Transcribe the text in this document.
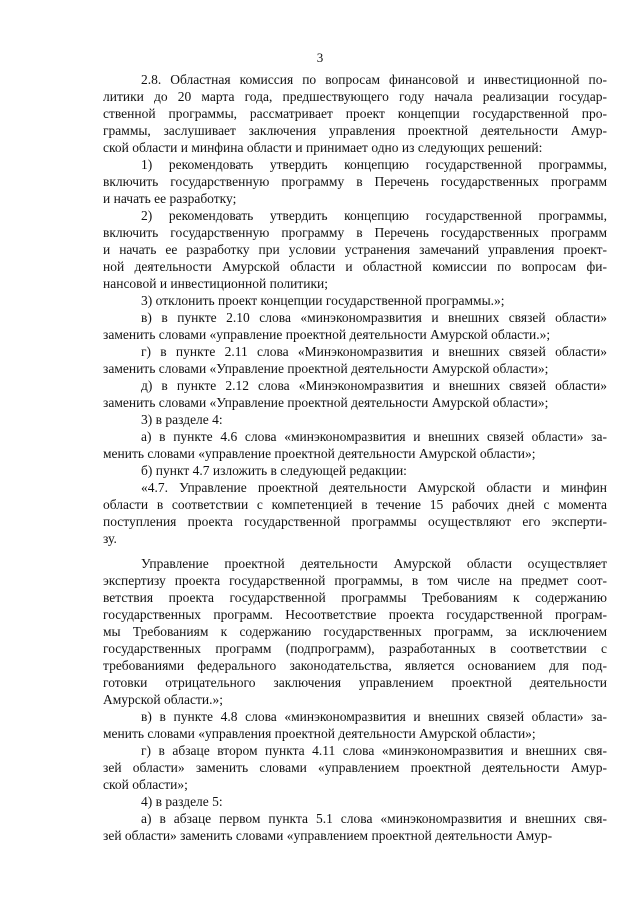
3
2.8. Областная комиссия по вопросам финансовой и инвестиционной по-
литики до 20 марта года, предшествующего году начала реализации государ-
ственной программы, рассматривает проект концепции государственной про-
граммы, заслушивает заключения управления проектной деятельности Амур-
ской области и минфина области и принимает одно из следующих решений:
1) рекомендовать утвердить концепцию государственной программы,
включить государственную программу в Перечень государственных программ
и начать ее разработку;
2) рекомендовать утвердить концепцию государственной программы,
включить государственную программу в Перечень государственных программ
и начать ее разработку при условии устранения замечаний управления проект-
ной деятельности Амурской области и областной комиссии по вопросам фи-
нансовой и инвестиционной политики;
3) отклонить проект концепции государственной программы.»;
в) в пункте 2.10 слова «минэкономразвития и внешних связей области»
заменить словами «управление проектной деятельности Амурской области.»;
г) в пункте 2.11 слова «Минэкономразвития и внешних связей области»
заменить словами «Управление проектной деятельности Амурской области»;
д) в пункте 2.12 слова «Минэкономразвития и внешних связей области»
заменить словами «Управление проектной деятельности Амурской области»;
3) в разделе 4:
а) в пункте 4.6 слова «минэкономразвития и внешних связей области» за-
менить словами «управление проектной деятельности Амурской области»;
б) пункт 4.7 изложить в следующей редакции:
«4.7. Управление проектной деятельности Амурской области и минфин
области в соответствии с компетенцией в течение 15 рабочих дней с момента
поступления проекта государственной программы осуществляют его эксперти-
зу.
Управление проектной деятельности Амурской области осуществляет
экспертизу проекта государственной программы, в том числе на предмет соот-
ветствия проекта государственной программы Требованиям к содержанию
государственных программ. Несоответствие проекта государственной програм-
мы Требованиям к содержанию государственных программ, за исключением
государственных программ (подпрограмм), разработанных в соответствии с
требованиями федерального законодательства, является основанием для под-
готовки отрицательного заключения управлением проектной деятельности
Амурской области.»;
в) в пункте 4.8 слова «минэкономразвития и внешних связей области» за-
менить словами «управления проектной деятельности Амурской области»;
г) в абзаце втором пункта 4.11 слова «минэкономразвития и внешних свя-
зей области» заменить словами «управлением проектной деятельности Амур-
ской области»;
4) в разделе 5:
а) в абзаце первом пункта 5.1 слова «минэкономразвития и внешних свя-
зей области» заменить словами «управлением проектной деятельности Амур-
